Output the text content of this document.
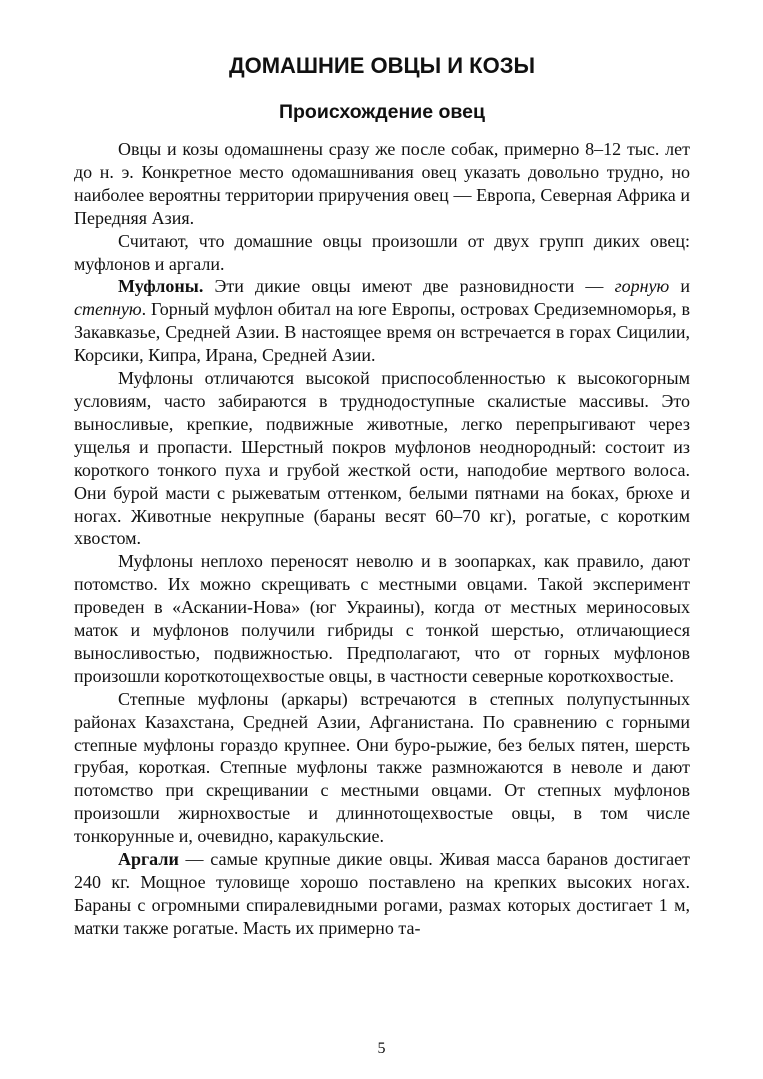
ДОМАШНИЕ ОВЦЫ И КОЗЫ
Происхождение овец

Овцы и козы одомашнены сразу же после собак, примерно 8–12 тыс. лет до н. э. Конкретное место одомашнивания овец указать довольно трудно, но наиболее вероятны территории приручения овец — Европа, Северная Африка и Передняя Азия.

Считают, что домашние овцы произошли от двух групп диких овец: муфлонов и аргали.

Муфлоны. Эти дикие овцы имеют две разновидности — горную и степную. Горный муфлон обитал на юге Европы, островах Средиземноморья, в Закавказье, Средней Азии. В настоящее время он встречается в горах Сицилии, Корсики, Кипра, Ирана, Средней Азии.

Муфлоны отличаются высокой приспособленностью к высокогорным условиям, часто забираются в труднодоступные скалистые массивы. Это выносливые, крепкие, подвижные животные, легко перепрыгивают через ущелья и пропасти. Шерстный покров муфлонов неоднородный: состоит из короткого тонкого пуха и грубой жесткой ости, наподобие мертвого волоса. Они бурой масти с рыжеватым оттенком, белыми пятнами на боках, брюхе и ногах. Животные некрупные (бараны весят 60–70 кг), рогатые, с коротким хвостом.

Муфлоны неплохо переносят неволю и в зоопарках, как правило, дают потомство. Их можно скрещивать с местными овцами. Такой эксперимент проведен в «Аскании-Нова» (юг Украины), когда от местных мериносовых маток и муфлонов получили гибриды с тонкой шерстью, отличающиеся выносливостью, подвижностью. Предполагают, что от горных муфлонов произошли короткотощехвостые овцы, в частности северные короткохвостые.

Степные муфлоны (аркары) встречаются в степных полупустынных районах Казахстана, Средней Азии, Афганистана. По сравнению с горными степные муфлоны гораздо крупнее. Они буро-рыжие, без белых пятен, шерсть грубая, короткая. Степные муфлоны также размножаются в неволе и дают потомство при скрещивании с местными овцами. От степных муфлонов произошли жирнохвостые и длиннотощехвостые овцы, в том числе тонкорунные и, очевидно, каракульские.

Аргали — самые крупные дикие овцы. Живая масса баранов достигает 240 кг. Мощное туловище хорошо поставлено на крепких высоких ногах. Бараны с огромными спиралевидными рогами, размах которых достигает 1 м, матки также рогатые. Масть их примерно та-

5
